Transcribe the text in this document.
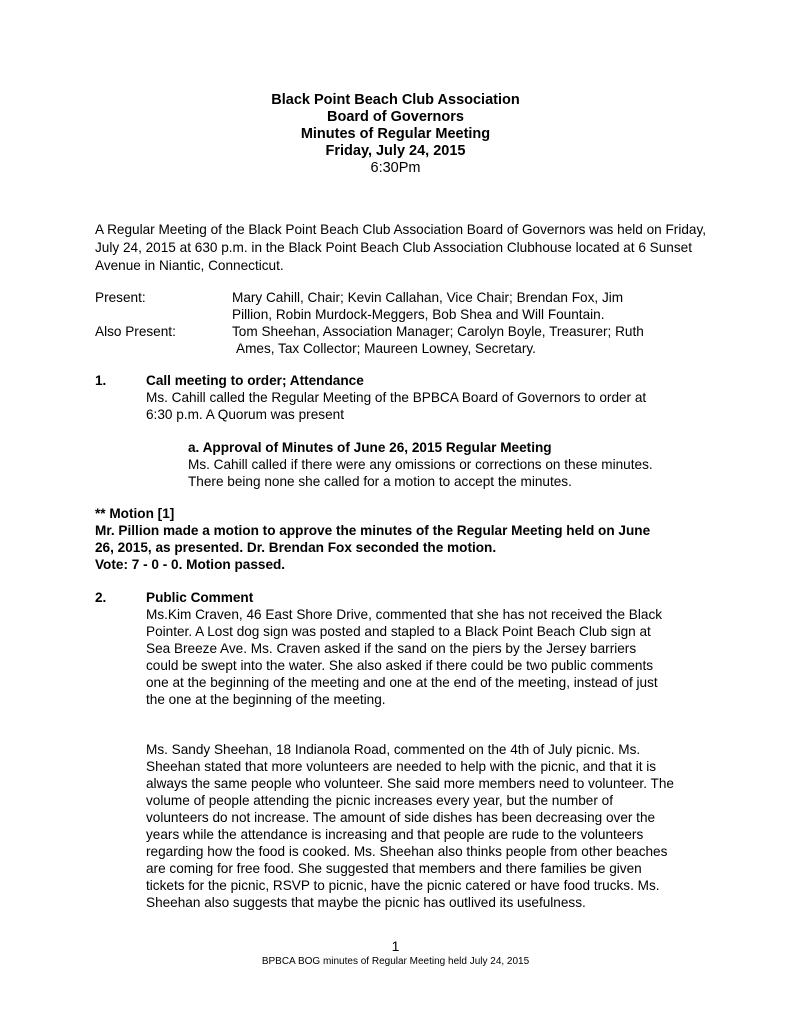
Black Point Beach Club Association
Board of Governors
Minutes of Regular Meeting
Friday, July 24, 2015
6:30Pm

A Regular Meeting of the Black Point Beach Club Association Board of Governors was held on Friday, July 24, 2015 at 630 p.m. in the Black Point Beach Club Association Clubhouse located at 6 Sunset Avenue in Niantic, Connecticut.

Present:	Mary Cahill, Chair; Kevin Callahan, Vice Chair; Brendan Fox, Jim
Pillion, Robin Murdock-Meggers, Bob Shea and Will Fountain.
Also Present:	Tom Sheehan, Association Manager; Carolyn Boyle, Treasurer; Ruth
Ames, Tax Collector; Maureen Lowney, Secretary.
1.	Call meeting to order; Attendance
Ms. Cahill called the Regular Meeting of the BPBCA Board of Governors to order at
6:30 p.m. A Quorum was present
a. Approval of Minutes of June 26, 2015 Regular Meeting
Ms. Cahill called if there were any omissions or corrections on these minutes.
There being none she called for a motion to accept the minutes.
** Motion [1]
Mr. Pillion made a motion to approve the minutes of the Regular Meeting held on June
26, 2015, as presented. Dr. Brendan Fox seconded the motion.
Vote: 7 - 0 - 0. Motion passed.
2.	Public Comment
Ms.Kim Craven, 46 East Shore Drive, commented that she has not received the Black
Pointer. A Lost dog sign was posted and stapled to a Black Point Beach Club sign at
Sea Breeze Ave. Ms. Craven asked if the sand on the piers by the Jersey barriers
could be swept into the water. She also asked if there could be two public comments
one at the beginning of the meeting and one at the end of the meeting, instead of just
the one at the beginning of the meeting.
Ms. Sandy Sheehan, 18 Indianola Road, commented on the 4th of July picnic. Ms.
Sheehan stated that more volunteers are needed to help with the picnic, and that it is
always the same people who volunteer. She said more members need to volunteer. The
volume of people attending the picnic increases every year, but the number of
volunteers do not increase. The amount of side dishes has been decreasing over the
years while the attendance is increasing and that people are rude to the volunteers
regarding how the food is cooked. Ms. Sheehan also thinks people from other beaches
are coming for free food. She suggested that members and there families be given
tickets for the picnic, RSVP to picnic, have the picnic catered or have food trucks. Ms.
Sheehan also suggests that maybe the picnic has outlived its usefulness.
1
BPBCA BOG minutes of Regular Meeting held July 24, 2015
